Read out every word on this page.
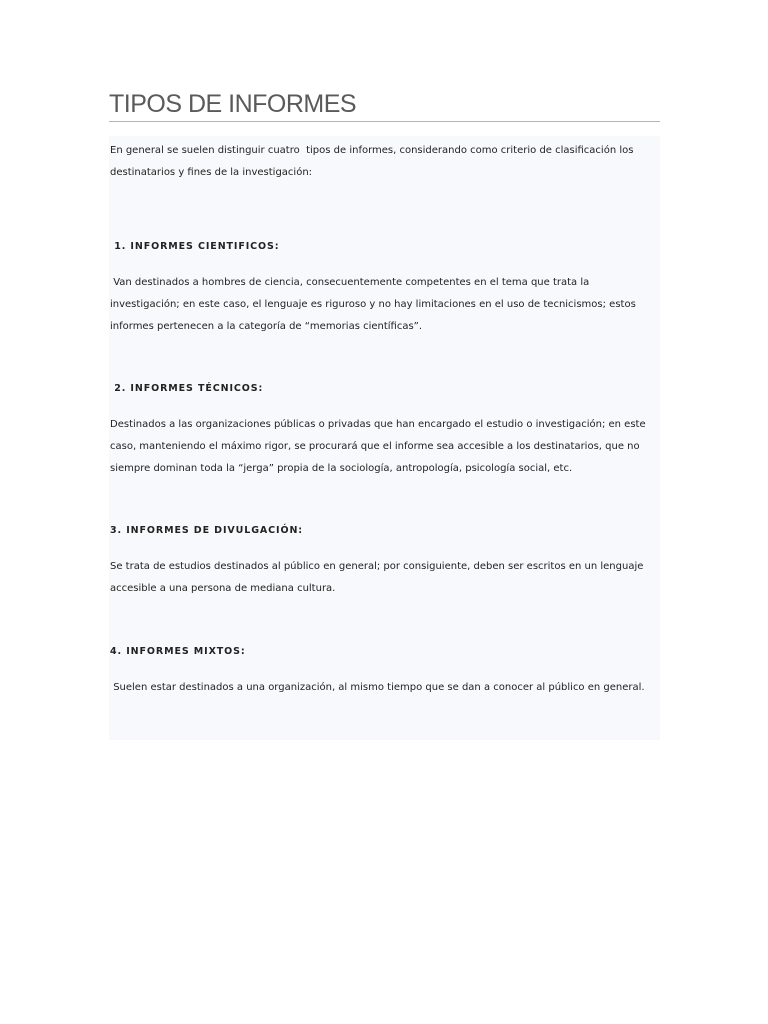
TIPOS DE INFORMES

En general se suelen distinguir cuatro  tipos de informes, considerando como criterio de clasificación los destinatarios y fines de la investigación:

1. INFORMES CIENTIFICOS:

Van destinados a hombres de ciencia, consecuentemente competentes en el tema que trata la investigación; en este caso, el lenguaje es riguroso y no hay limitaciones en el uso de tecnicismos; estos informes pertenecen a la categoría de “memorias científicas”.

2. INFORMES TÉCNICOS:

Destinados a las organizaciones públicas o privadas que han encargado el estudio o investigación; en este caso, manteniendo el máximo rigor, se procurará que el informe sea accesible a los destinatarios, que no siempre dominan toda la “jerga” propia de la sociología, antropología, psicología social, etc.

3. INFORMES DE DIVULGACIÓN:

Se trata de estudios destinados al público en general; por consiguiente, deben ser escritos en un lenguaje accesible a una persona de mediana cultura.

4. INFORMES MIXTOS:

Suelen estar destinados a una organización, al mismo tiempo que se dan a conocer al público en general.
